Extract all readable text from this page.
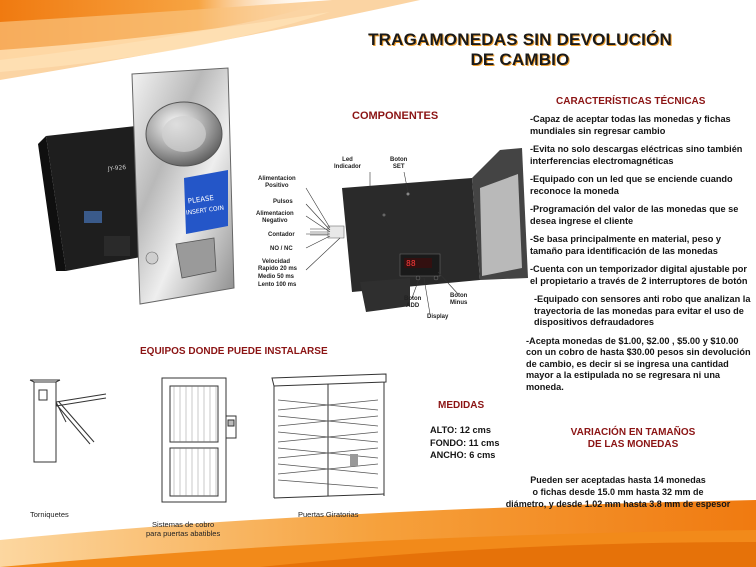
TRAGAMONEDAS SIN DEVOLUCIÓN
DE CAMBIO
PLEASE
INSERT COIN
JY-926
COMPONENTES
88
Led
Indicador
Boton
SET
Alimentacion
Positivo
Pulsos
Alimentacion
Negativo
Contador
NO / NC
Velocidad
Rapido 20 ms
Medio 50 ms
Lento 100 ms
Boton
ADD
Boton
Minus
Display
CARACTERÍSTICAS TÉCNICAS
-Capaz de aceptar todas las monedas y fichas mundiales sin regresar cambio
-Evita no solo descargas eléctricas sino también interferencias electromagnéticas
-Equipado con un led que se enciende cuando reconoce la moneda
-Programación del valor de las monedas que se desea ingrese el cliente
-Se basa principalmente en material, peso y tamaño para identificación de las monedas
-Cuenta con un temporizador digital ajustable por el propietario a través de 2 interruptores de botón
-Equipado con sensores anti robo que analizan la trayectoria de las monedas para evitar el uso de dispositivos defraudadores
-Acepta monedas de $1.00, $2.00 , $5.00 y $10.00 con un cobro de hasta $30.00 pesos sin devolución de cambio, es decir si se ingresa una cantidad mayor a la estipulada no se regresara ni una moneda.
EQUIPOS DONDE PUEDE INSTALARSE
Torniquetes
Sistemas de cobro
para puertas abatibles
Puertas Giratorias
MEDIDAS
ALTO: 12 cms
FONDO: 11 cms
ANCHO: 6 cms
VARIACIÓN EN TAMAÑOS
DE LAS MONEDAS
Pueden ser aceptadas hasta 14 monedas
o fichas desde 15.0 mm hasta 32 mm de
diámetro, y desde 1.02 mm hasta 3.8 mm de espesor
